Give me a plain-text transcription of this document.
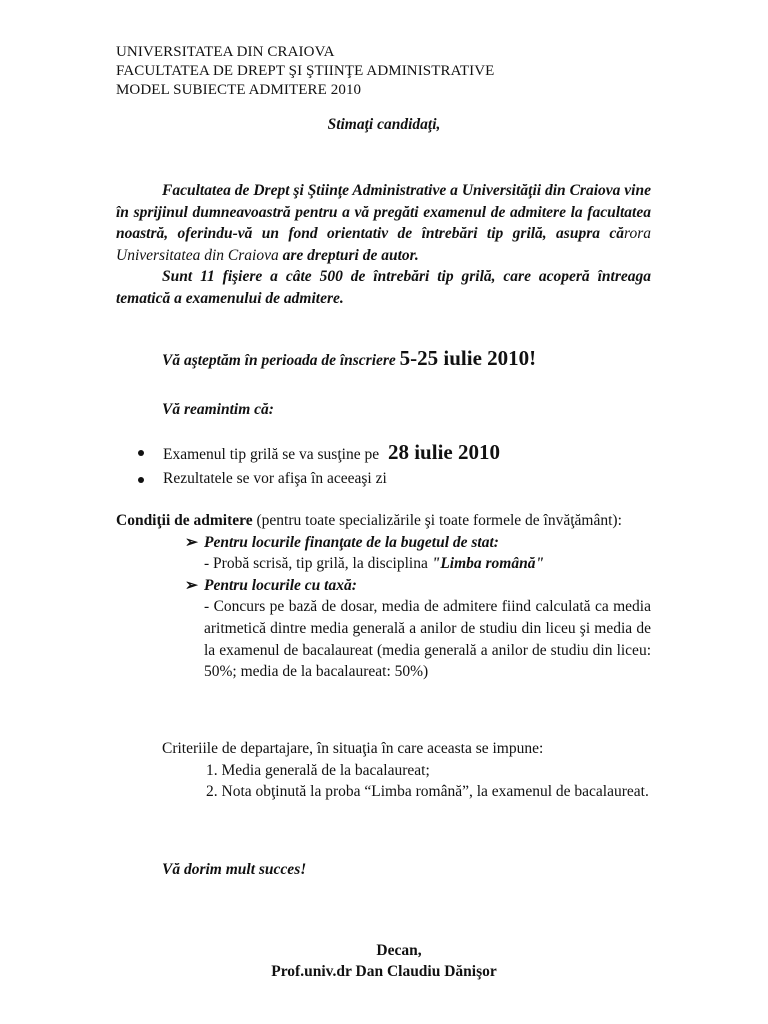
UNIVERSITATEA DIN CRAIOVA
FACULTATEA DE DREPT ŞI ŞTIINŢE ADMINISTRATIVE
MODEL SUBIECTE ADMITERE 2010
Stimaţi candidaţi,

Facultatea de Drept şi Ştiinţe Administrative a Universităţii din Craiova vine în sprijinul dumneavoastră pentru a vă pregăti examenul de admitere la facultatea noastră, oferindu-vă un fond orientativ de întrebări tip grilă, asupra cărora Universitatea din Craiova are drepturi de autor.

Sunt 11 fişiere a câte 500 de întrebări tip grilă, care acoperă întreaga tematică a examenului de admitere.

Vă aşteptăm în perioada de înscriere 5-25 iulie 2010!
Vă reamintim că:
Examenul tip grilă se va susţine pe 28 iulie 2010
Rezultatele se vor afişa în aceeaşi zi
Condiţii de admitere (pentru toate specializările şi toate formele de învăţământ):
➢ Pentru locurile finanţate de la bugetul de stat:
- Probă scrisă, tip grilă, la disciplina "Limba română"
➢ Pentru locurile cu taxă:
- Concurs pe bază de dosar, media de admitere fiind calculată ca media aritmetică dintre media generală a anilor de studiu din liceu şi media de la examenul de bacalaureat (media generală a anilor de studiu din liceu: 50%; media de la bacalaureat: 50%)
Criteriile de departajare, în situaţia în care aceasta se impune:
1. Media generală de la bacalaureat;
2. Nota obţinută la proba “Limba română”, la examenul de bacalaureat.
Vă dorim mult succes!
Decan,
Prof.univ.dr Dan Claudiu Dănişor
